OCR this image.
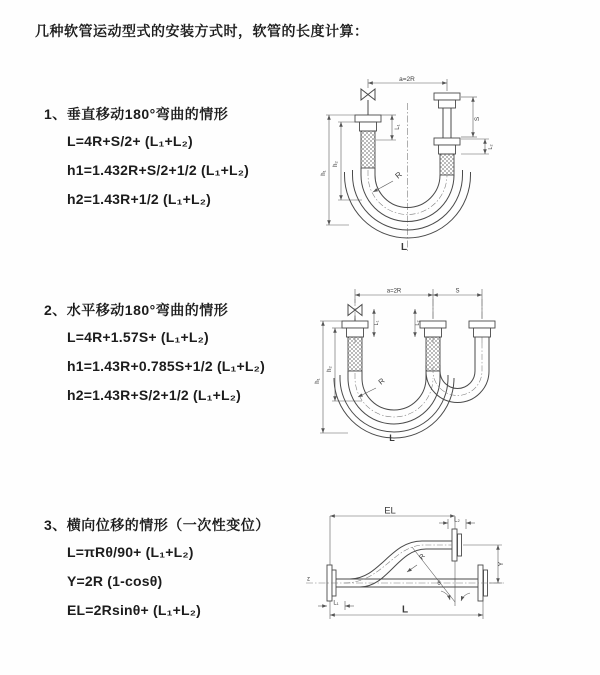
几种软管运动型式的安装方式时，软管的长度计算：
1、垂直移动180°弯曲的情形
L=4R+S/2+ (L₁+L₂)
h1=1.432R+S/2+1/2 (L₁+L₂)
h2=1.43R+1/2 (L₁+L₂)
2、水平移动180°弯曲的情形
L=4R+1.57S+ (L₁+L₂)
h1=1.43R+0.785S+1/2 (L₁+L₂)
h2=1.43R+S/2+1/2 (L₁+L₂)
3、横向位移的情形（一次性变位）
L=πRθ/90+ (L₁+L₂)
Y=2R (1-cosθ)
EL=2Rsinθ+ (L₁+L₂)
a=2R
L₁
S
L₂
h₁
h₂
R
L
a=2R	S
L₁	L₂
h₁
h₂
R
L
EL
L₂
Y
z
R
θ
L₁
L
